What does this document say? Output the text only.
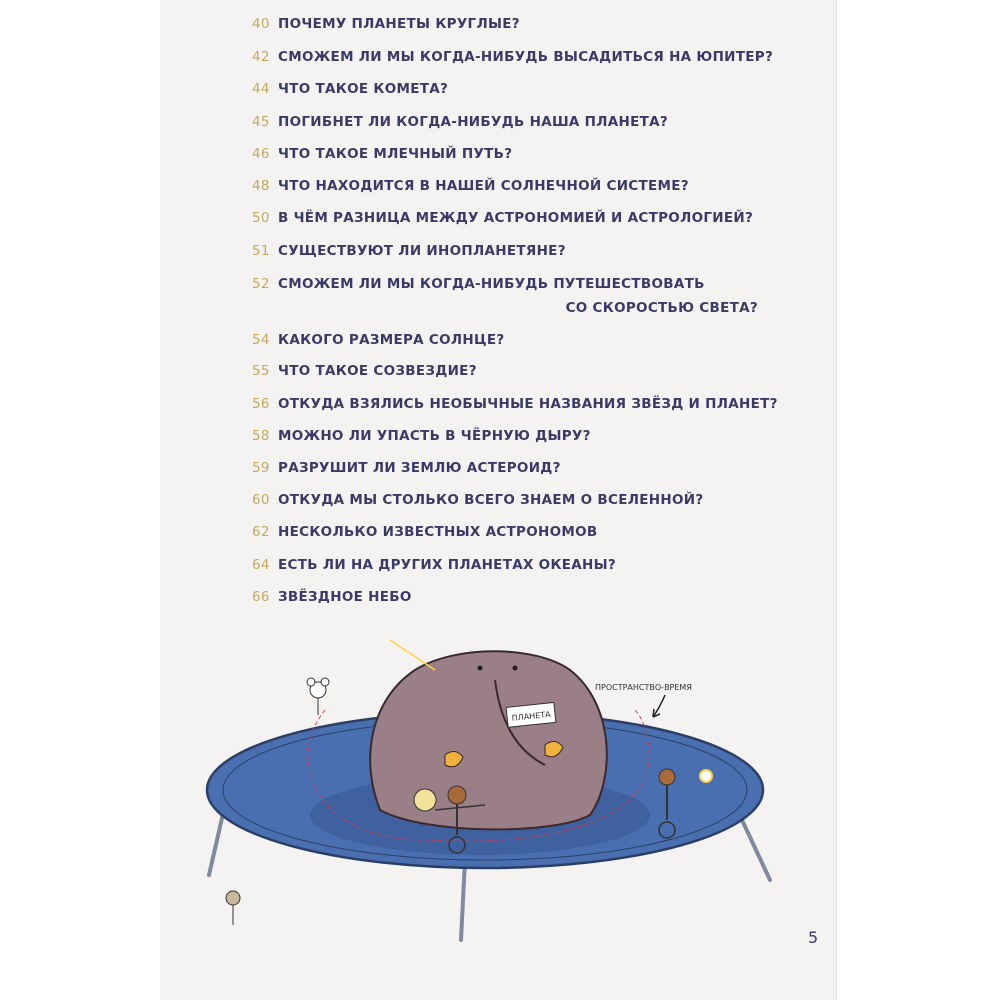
40 ПОЧЕМУ ПЛАНЕТЫ КРУГЛЫЕ?
42 СМОЖЕМ ЛИ МЫ КОГДА-НИБУДЬ ВЫСАДИТЬСЯ НА ЮПИТЕР?
44 ЧТО ТАКОЕ КОМЕТА?
45 ПОГИБНЕТ ЛИ КОГДА-НИБУДЬ НАША ПЛАНЕТА?
46 ЧТО ТАКОЕ МЛЕЧНЫЙ ПУТЬ?
48 ЧТО НАХОДИТСЯ В НАШЕЙ СОЛНЕЧНОЙ СИСТЕМЕ?
50 В ЧЁМ РАЗНИЦА МЕЖДУ АСТРОНОМИЕЙ И АСТРОЛОГИЕЙ?
51 СУЩЕСТВУЮТ ЛИ ИНОПЛАНЕТЯНЕ?
52 СМОЖЕМ ЛИ МЫ КОГДА-НИБУДЬ ПУТЕШЕСТВОВАТЬ
СО СКОРОСТЬЮ СВЕТА?
54 КАКОГО РАЗМЕРА СОЛНЦЕ?
55 ЧТО ТАКОЕ СОЗВЕЗДИЕ?
56 ОТКУДА ВЗЯЛИСЬ НЕОБЫЧНЫЕ НАЗВАНИЯ ЗВЁЗД И ПЛАНЕТ?
58 МОЖНО ЛИ УПАСТЬ В ЧЁРНУЮ ДЫРУ?
59 РАЗРУШИТ ЛИ ЗЕМЛЮ АСТЕРОИД?
60 ОТКУДА МЫ СТОЛЬКО ВСЕГО ЗНАЕМ О ВСЕЛЕННОЙ?
62 НЕСКОЛЬКО ИЗВЕСТНЫХ АСТРОНОМОВ
64 ЕСТЬ ЛИ НА ДРУГИХ ПЛАНЕТАХ ОКЕАНЫ?
66 ЗВЁЗДНОЕ НЕБО
ПЛАНЕТА
ПРОСТРАНСТВО-ВРЕМЯ
5
